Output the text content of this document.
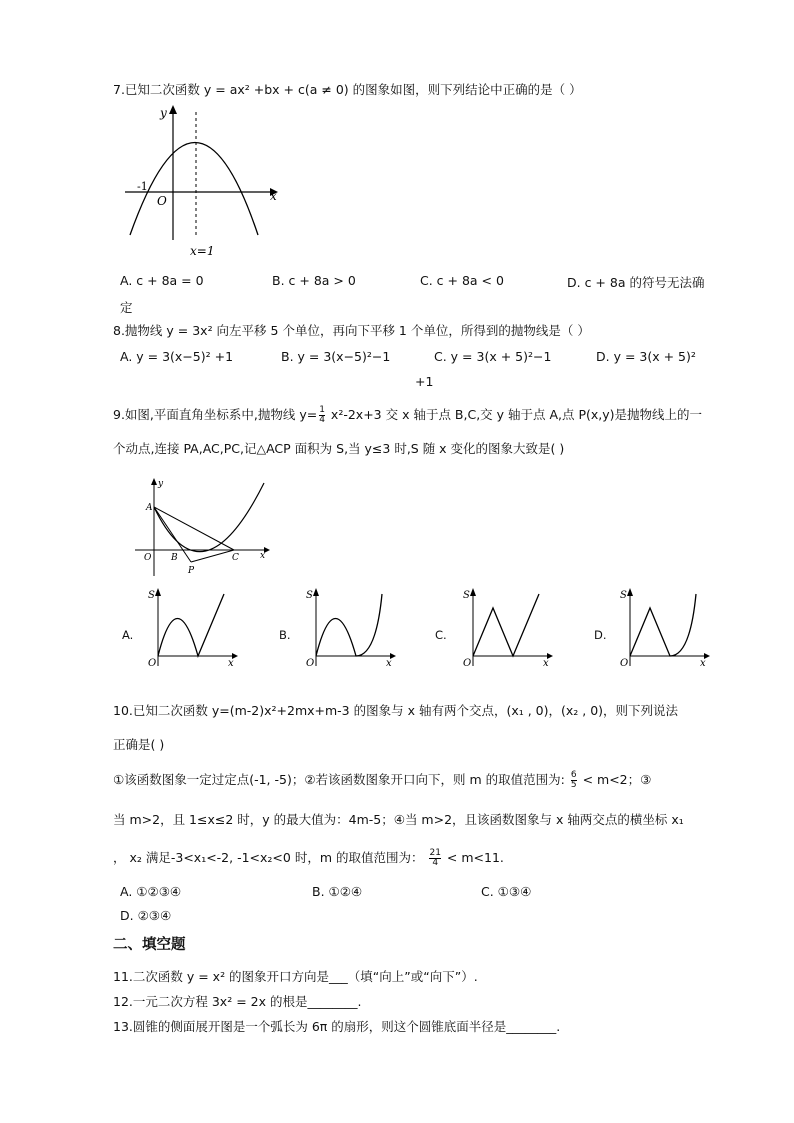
7.已知二次函数 y = ax² +bx + c(a ≠ 0) 的图象如图，则下列结论中正确的是（ ）
y
x
O
-1
x=1
A. c + 8a = 0	B. c + 8a > 0	C. c + 8a < 0	D. c + 8a 的符号无法确
定
8.抛物线 y = 3x² 向左平移 5 个单位，再向下平移 1 个单位，所得到的抛物线是（ ）
A. y = 3(x−5)² +1	B. y = 3(x−5)²−1	C. y = 3(x + 5)²−1	D. y = 3(x + 5)²
+1
9.如图,平面直角坐标系中,抛物线 $y= \frac{1}{4} x^2-2x+3$ 交 x 轴于点 B,C,交 y 轴于点 A,点 P(x,y)是抛物线上的一
个动点,连接 PA,AC,PC,记△ACP 面积为 S,当 y≤3 时,S 随 x 变化的图象大致是( )
y
x
O
A
B	C
P
A.
S
O	x
B.
S
O	x
C.
S
O	x
D.
S
O	x
10.已知二次函数 y=(m-2)x²+2mx+m-3 的图象与 x 轴有两个交点，(x₁ , 0)，(x₂ , 0)，则下列说法
正确是( )
①该函数图象一定过定点(-1, -5)；②若该函数图象开口向下，则 m 的取值范围为: $\frac{6}{5} < m<2$；③
当 m>2，且 1≤x≤2 时，y 的最大值为：4m-5；④当 m>2，且该函数图象与 x 轴两交点的横坐标 x₁
， x₂ 满足-3<x₁<-2, -1<x₂<0 时，m 的取值范围为： $\frac{21}{4} < m<11$.
A. ①②③④	B. ①②④	C. ①③④
D. ②③④
二、填空题
11.二次函数 y = x² 的图象开口方向是___（填“向上”或“向下”）.
12.一元二次方程 3x² = 2x 的根是________.
13.圆锥的侧面展开图是一个弧长为 6π 的扇形，则这个圆锥底面半径是________.
